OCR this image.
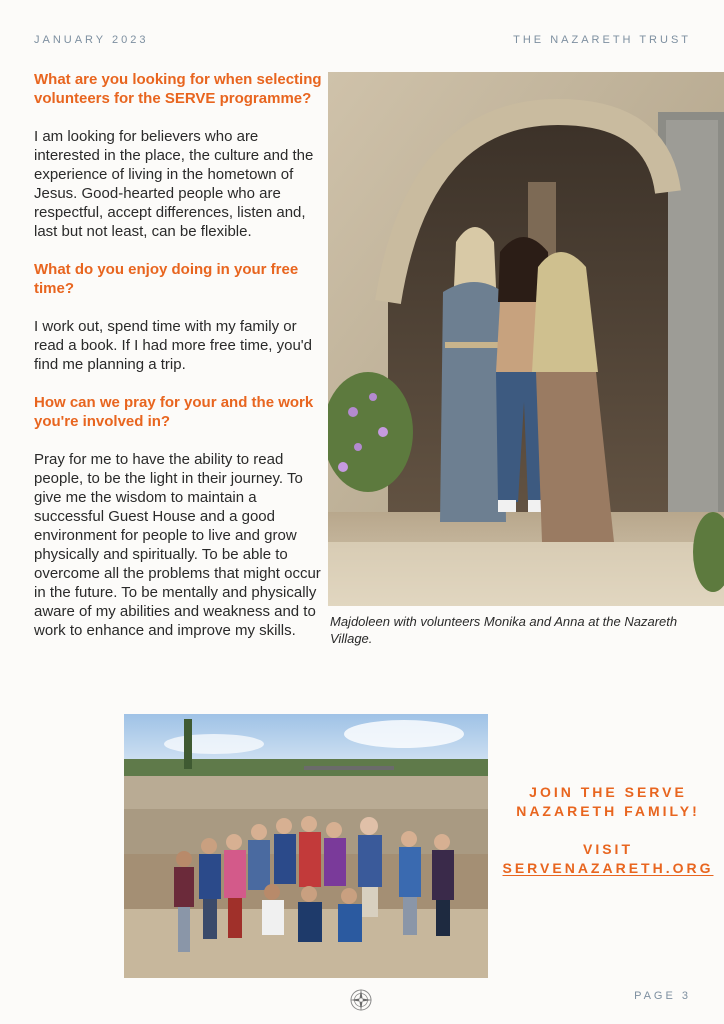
JANUARY 2023	THE NAZARETH TRUST

What are you looking for when selecting volunteers for the SERVE programme?

I am looking for believers who are interested in the place, the culture and the experience of living in the hometown of Jesus. Good-hearted people who are respectful, accept differences, listen and, last but not least, can be flexible.

What do you enjoy doing in your free time?

I work out, spend time with my family or read a book. If I had more free time, you'd find me planning a trip.

How can we pray for your and the work you're involved in?

Pray for me to have the ability to read people, to be the light in their journey. To give me the wisdom to maintain a successful Guest House and a good environment for people to live and grow physically and spiritually. To be able to overcome all the problems that might occur in the future. To be mentally and physically aware of my abilities and weakness and to work to enhance and improve my skills.

Majdoleen with volunteers Monika and Anna at the Nazareth Village.
JOIN THE SERVE
NAZARETH FAMILY!
VISIT
SERVENAZARETH.ORG
PAGE 3
